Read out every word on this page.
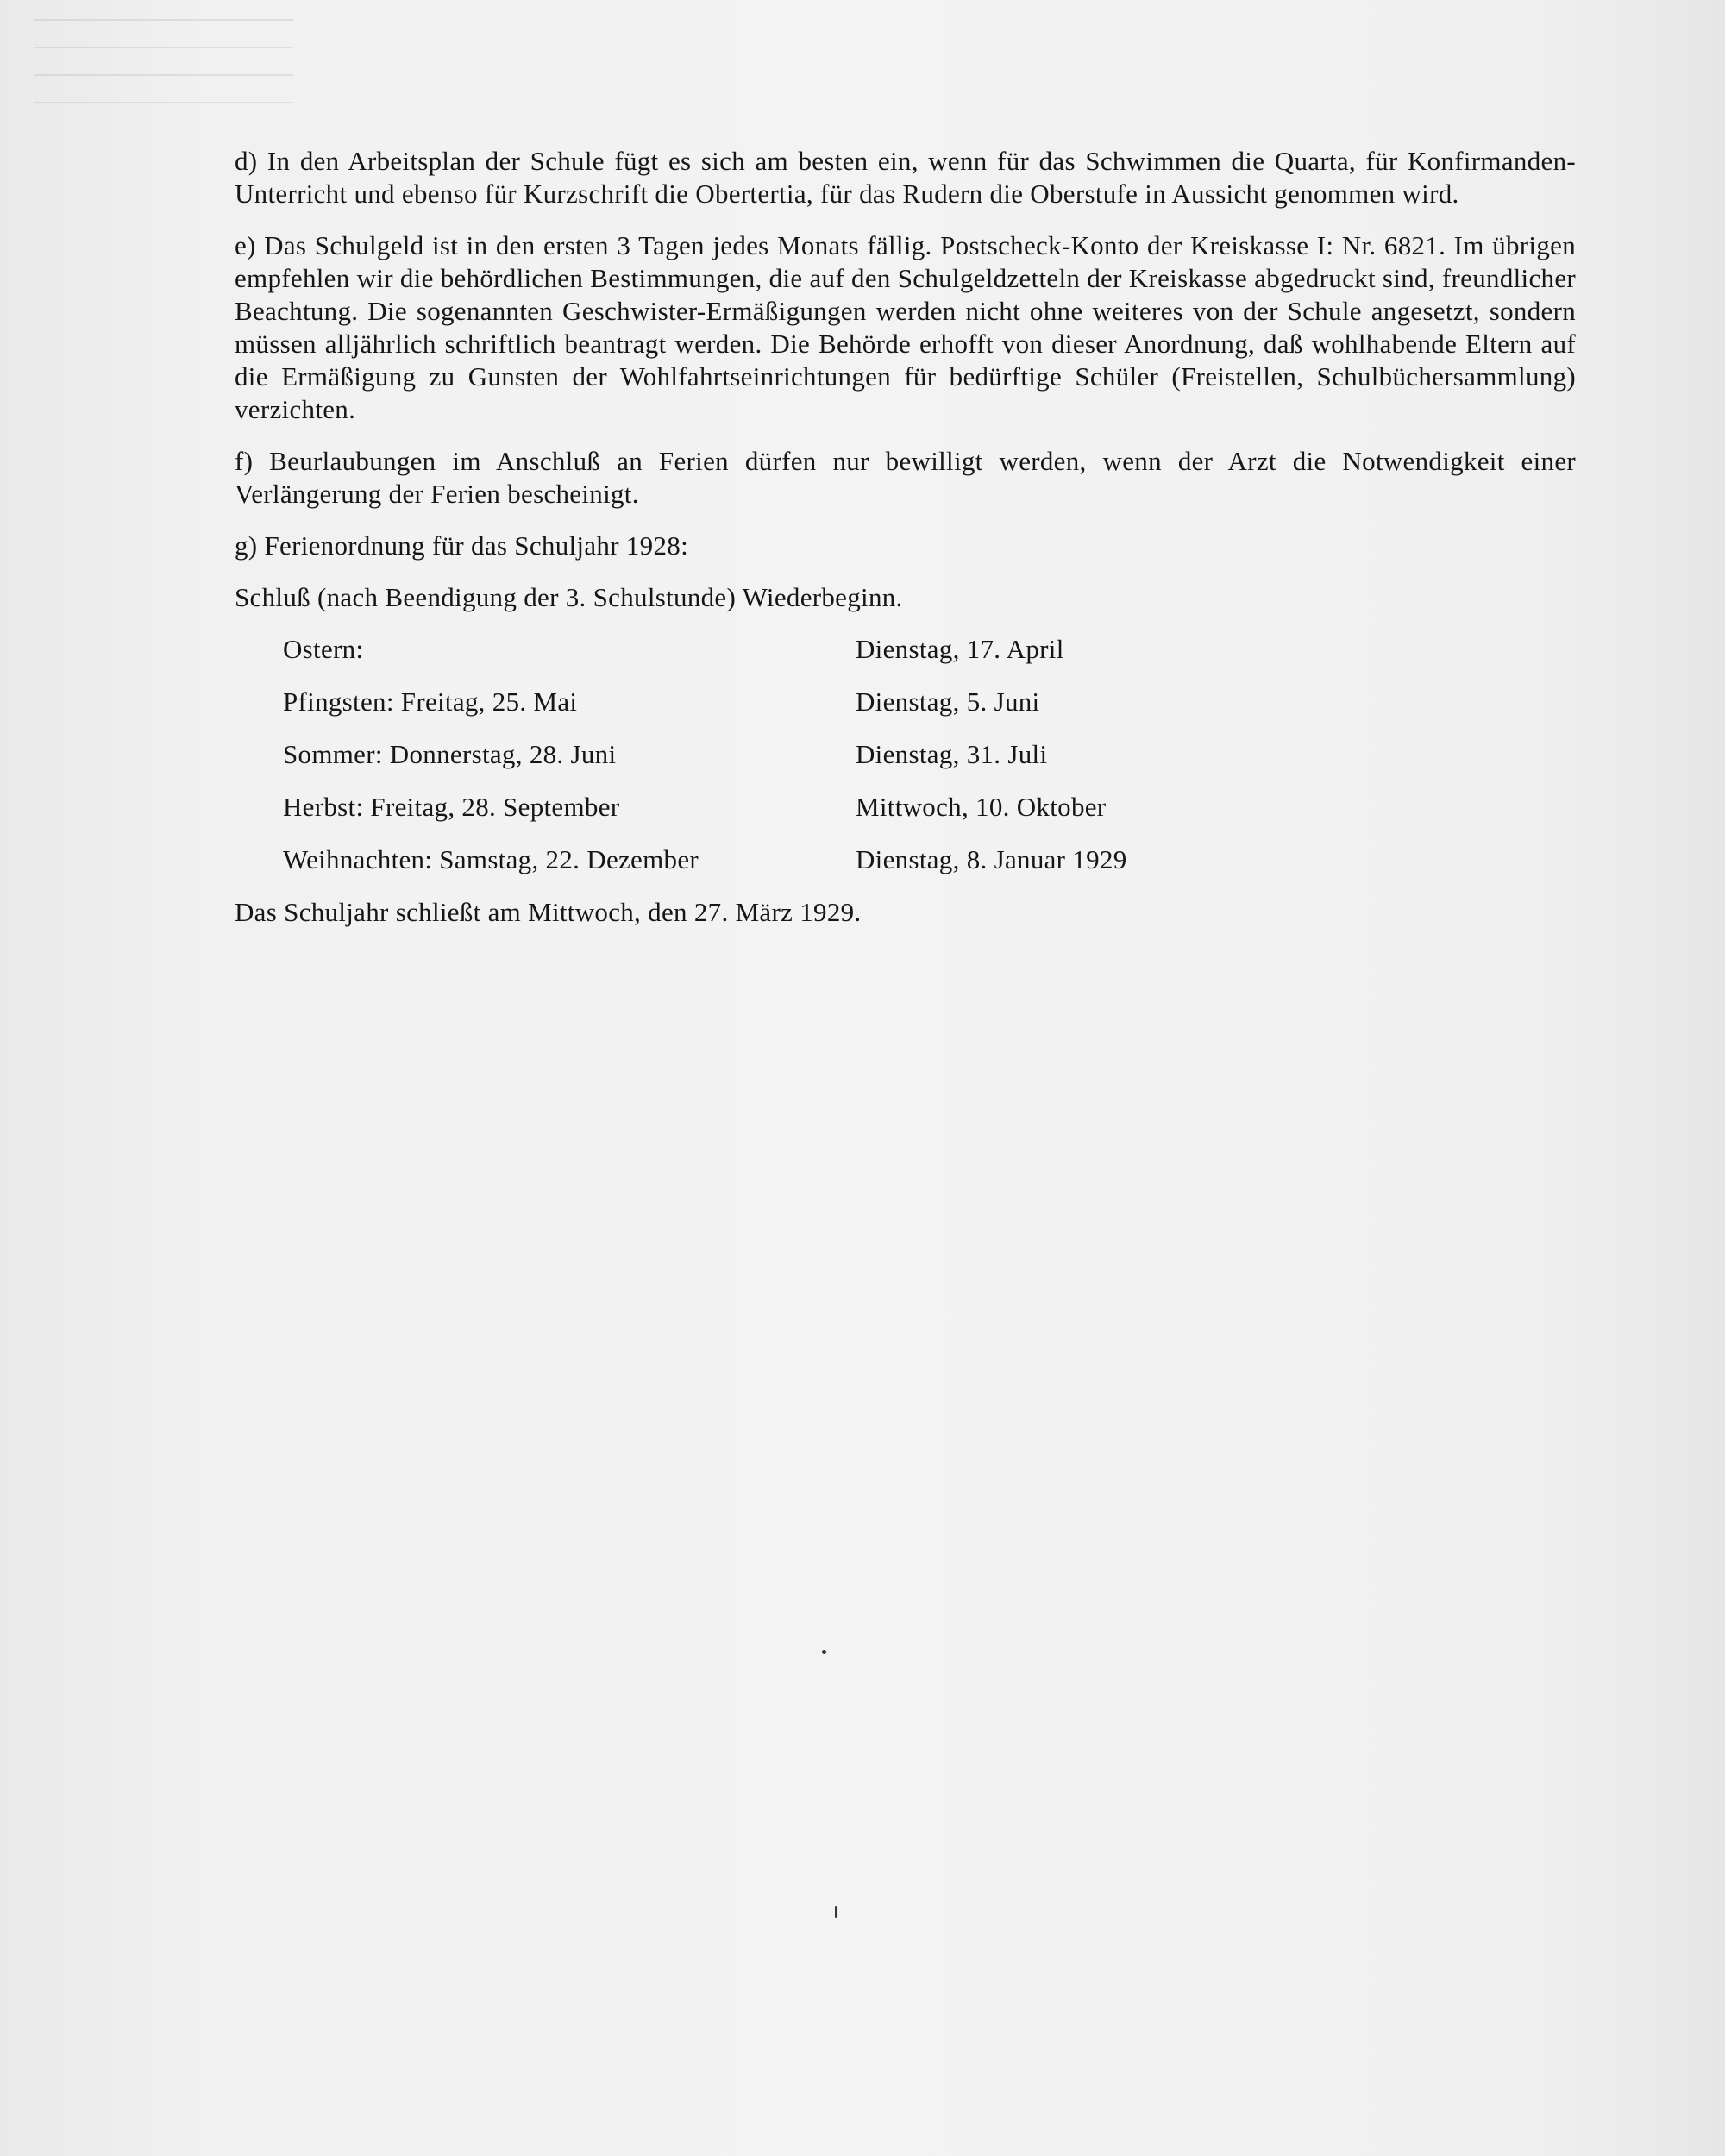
d) In den Arbeitsplan der Schule fügt es sich am besten ein, wenn für das Schwimmen die Quarta, für Konfirmanden-Unterricht und ebenso für Kurzschrift die Obertertia, für das Rudern die Oberstufe in Aussicht genommen wird.

e) Das Schulgeld ist in den ersten 3 Tagen jedes Monats fällig. Postscheck-Konto der Kreiskasse I: Nr. 6821. Im übrigen empfehlen wir die behördlichen Bestimmungen, die auf den Schulgeldzetteln der Kreiskasse abgedruckt sind, freundlicher Beachtung. Die sogenannten Geschwister-Ermäßigungen werden nicht ohne weiteres von der Schule angesetzt, sondern müssen alljährlich schriftlich beantragt werden. Die Behörde erhofft von dieser Anordnung, daß wohlhabende Eltern auf die Ermäßigung zu Gunsten der Wohlfahrtseinrichtungen für bedürftige Schüler (Freistellen, Schulbüchersammlung) verzichten.

f) Beurlaubungen im Anschluß an Ferien dürfen nur bewilligt werden, wenn der Arzt die Notwendigkeit einer Verlängerung der Ferien bescheinigt.

g) Ferienordnung für das Schuljahr 1928:

Schluß (nach Beendigung der 3. Schulstunde) Wiederbeginn.

Ostern:	Dienstag, 17. April
Pfingsten: Freitag, 25. Mai	Dienstag, 5. Juni
Sommer: Donnerstag, 28. Juni	Dienstag, 31. Juli
Herbst: Freitag, 28. September	Mittwoch, 10. Oktober
Weihnachten: Samstag, 22. Dezember	Dienstag, 8. Januar 1929

Das Schuljahr schließt am Mittwoch, den 27. März 1929.
